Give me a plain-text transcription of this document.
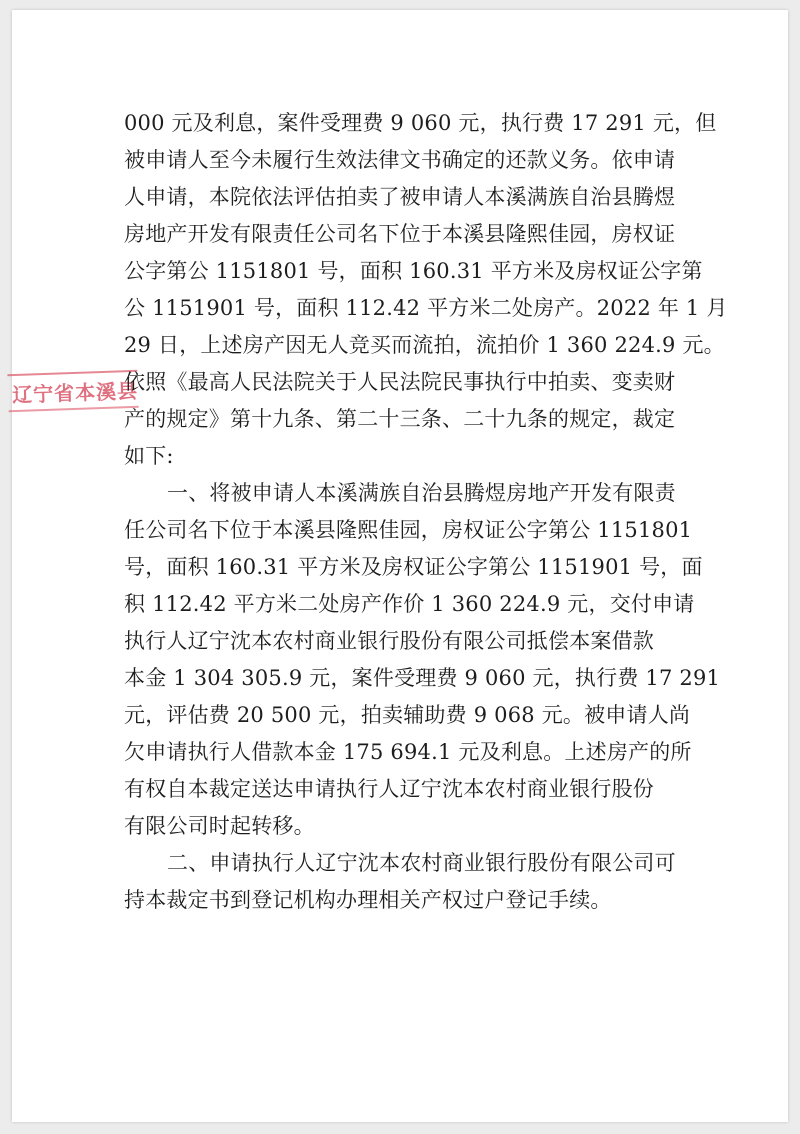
辽宁省本溪县
000 元及利息，案件受理费 9 060 元，执行费 17 291 元，但
被申请人至今未履行生效法律文书确定的还款义务。依申请
人申请，本院依法评估拍卖了被申请人本溪满族自治县腾煜
房地产开发有限责任公司名下位于本溪县隆熙佳园，房权证
公字第公 1151801 号，面积 160.31 平方米及房权证公字第
公 1151901 号，面积 112.42 平方米二处房产。2022 年 1 月
29 日，上述房产因无人竞买而流拍，流拍价 1 360 224.9 元。
依照《最高人民法院关于人民法院民事执行中拍卖、变卖财
产的规定》第十九条、第二十三条、二十九条的规定，裁定
如下:
一、将被申请人本溪满族自治县腾煜房地产开发有限责
任公司名下位于本溪县隆熙佳园，房权证公字第公 1151801
号，面积 160.31 平方米及房权证公字第公 1151901 号，面
积 112.42 平方米二处房产作价 1 360 224.9 元，交付申请
执行人辽宁沈本农村商业银行股份有限公司抵偿本案借款
本金 1 304 305.9 元，案件受理费 9 060 元，执行费 17 291
元，评估费 20 500 元，拍卖辅助费 9 068 元。被申请人尚
欠申请执行人借款本金 175 694.1 元及利息。上述房产的所
有权自本裁定送达申请执行人辽宁沈本农村商业银行股份
有限公司时起转移。
二、申请执行人辽宁沈本农村商业银行股份有限公司可
持本裁定书到登记机构办理相关产权过户登记手续。
